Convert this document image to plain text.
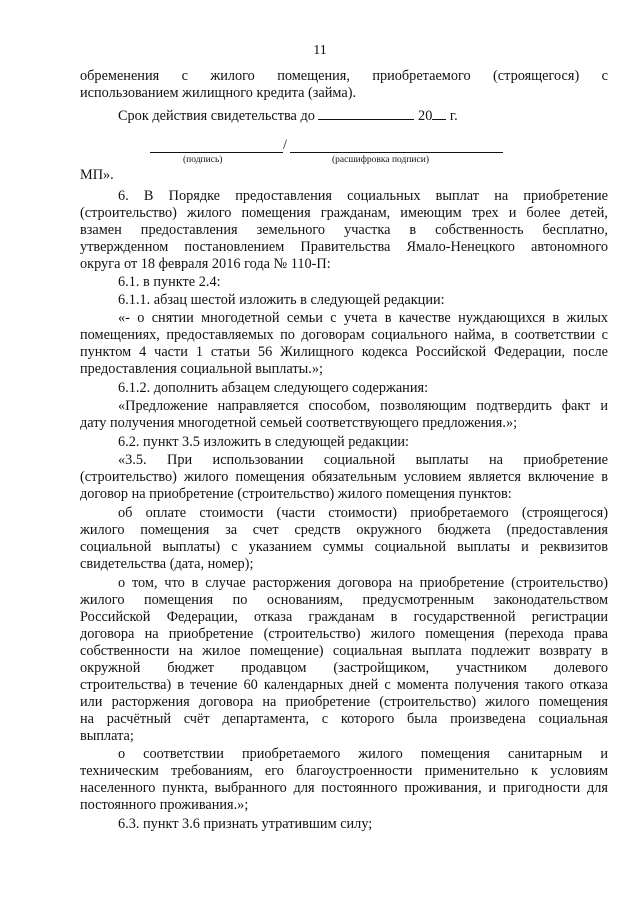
11

обременения с жилого помещения, приобретаемого (строящегося) с

использованием жилищного кредита (займа).

Срок действия свидетельства до	20 г.

/

(подпись)	(расшифровка подписи)

МП».

6. В Порядке предоставления социальных выплат на приобретение

(строительство) жилого помещения гражданам, имеющим трех и более детей,

взамен предоставления земельного участка в собственность бесплатно,

утвержденном постановлением Правительства Ямало-Ненецкого автономного

округа от 18 февраля 2016 года № 110-П:

6.1. в пункте 2.4:

6.1.1. абзац шестой изложить в следующей редакции:

«- о снятии многодетной семьи с учета в качестве нуждающихся в жилых

помещениях, предоставляемых по договорам социального найма, в соответствии с

пунктом 4 части 1 статьи 56 Жилищного кодекса Российской Федерации, после

предоставления социальной выплаты.»;

6.1.2. дополнить абзацем следующего содержания:

«Предложение направляется способом, позволяющим подтвердить факт и

дату получения многодетной семьей соответствующего предложения.»;

6.2. пункт 3.5 изложить в следующей редакции:

«3.5. При использовании социальной выплаты на приобретение

(строительство) жилого помещения обязательным условием является включение в

договор на приобретение (строительство) жилого помещения пунктов:

об оплате стоимости (части стоимости) приобретаемого (строящегося)

жилого помещения за счет средств окружного бюджета (предоставления

социальной выплаты) с указанием суммы социальной выплаты и реквизитов

свидетельства (дата, номер);

о том, что в случае расторжения договора на приобретение (строительство)

жилого помещения по основаниям, предусмотренным законодательством

Российской Федерации, отказа гражданам в государственной регистрации

договора на приобретение (строительство) жилого помещения (перехода права

собственности на жилое помещение) социальная выплата подлежит возврату в

окружной бюджет продавцом (застройщиком, участником долевого

строительства) в течение 60 календарных дней с момента получения такого отказа

или расторжения договора на приобретение (строительство) жилого помещения

на расчётный счёт департамента, с которого была произведена социальная

выплата;

о соответствии приобретаемого жилого помещения санитарным и

техническим требованиям, его благоустроенности применительно к условиям

населенного пункта, выбранного для постоянного проживания, и пригодности для

постоянного проживания.»;

6.3. пункт 3.6 признать утратившим силу;
